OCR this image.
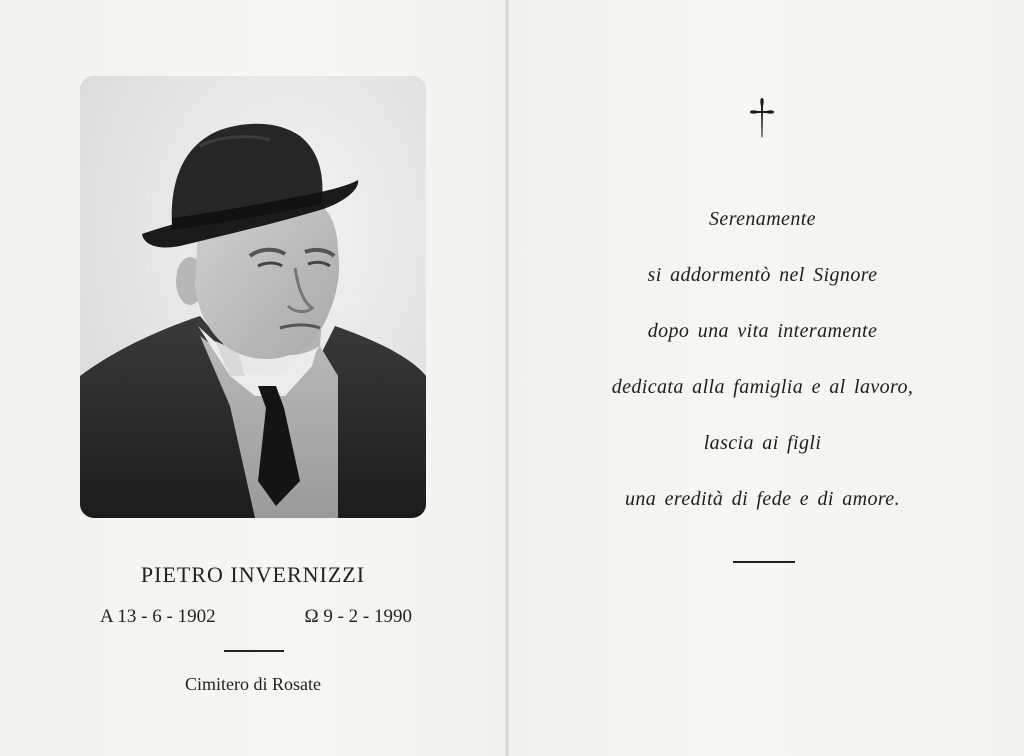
PIETRO INVERNIZZI
A 13 - 6 - 1902	Ω 9 - 2 - 1990
Cimitero di Rosate
Serenamente
si addormentò nel Signore
dopo una vita interamente
dedicata alla famiglia e al lavoro,
lascia ai figli
una eredità di fede e di amore.
